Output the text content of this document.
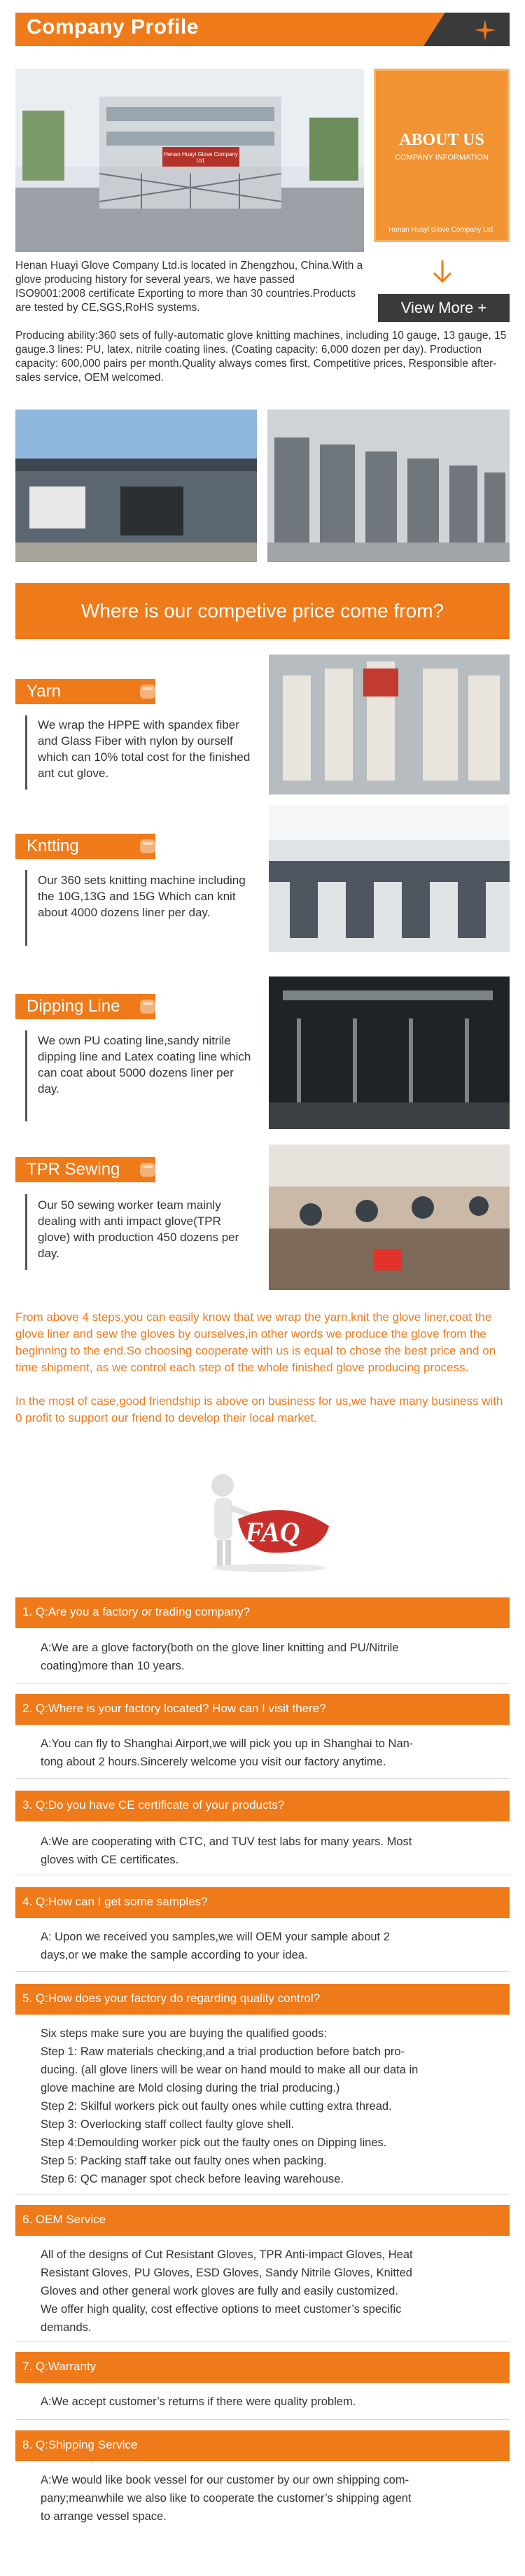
Company Profile
Henan Huayi Glove Company Ltd.
ABOUT US
COMPANY INFORMATION
Henan Huayi Glove Company Ltd.
View More +
Henan Huayi Glove Company Ltd.is located in Zhengzhou, China.With a glove producing history for several years, we have passed ISO9001:2008 certificate Exporting to more than 30 countries.Products are tested by CE,SGS,RoHS systems.
Producing ability:360 sets of fully-automatic glove knitting machines, including 10 gauge, 13 gauge, 15 gauge.3 lines: PU, latex, nitrile coating lines. (Coating capacity: 6,000 dozen per day). Production capacity: 600,000 pairs per month.Quality always comes first, Competitive prices, Responsible after-sales service, OEM welcomed.
Where is our competive price come from?
Yarn
We wrap the HPPE with spandex fiber and Glass Fiber with nylon by ourself which can 10% total cost for the finished ant cut glove.
Kntting
Our 360 sets knitting machine including the 10G,13G and 15G Which can knit about 4000 dozens liner per day.
Dipping Line
We own PU coating line,sandy nitrile dipping line and Latex coating line which can coat about 5000 dozens liner per day.
TPR Sewing
Our 50 sewing worker team mainly dealing with anti impact glove(TPR glove) with production 450 dozens per day.
From above 4 steps,you can easily know that we wrap the yarn,knit the glove liner,coat the glove liner and sew the gloves by ourselves,in other words we produce the glove from the beginning to the end.So choosing cooperate with us is equal to chose the best price and on time shipment, as we control each step of the whole finished glove producing process.
In the most of case,good friendship is above on business for us,we have many business with 0 profit to support our friend to develop their local market.
FAQ
1. Q:Are you a factory or trading company?
A:We are a glove factory(both on the glove liner knitting and PU/Nitrile
coating)more than 10 years.
2. Q:Where is your factory located? How can I visit there?
A:You can fly to Shanghai Airport,we will pick you up in Shanghai to Nan-
tong about 2 hours.Sincerely welcome you visit our factory anytime.
3. Q:Do you have CE certificate of your products?
A:We are cooperating with CTC, and TUV test labs for many years. Most
gloves with CE certificates.
4. Q:How can I get some samples?
A: Upon we received you samples,we will OEM your sample about 2
days,or we make the sample according to your idea.
5. Q:How does your factory do regarding quality control?
Six steps make sure you are buying the qualified goods:
Step 1: Raw materials checking,and a trial production before batch pro-
ducing. (all glove liners will be wear on hand mould to make all our data in
glove machine are Mold closing during the trial producing.)
Step 2: Skilful workers pick out faulty ones while cutting extra thread.
Step 3: Overlocking staff collect faulty glove shell.
Step 4:Demoulding worker pick out the faulty ones on Dipping lines.
Step 5: Packing staff take out faulty ones when packing.
Step 6: QC manager spot check before leaving warehouse.
6. OEM Service
All of the designs of Cut Resistant Gloves, TPR Anti-impact Gloves, Heat
Resistant Gloves, PU Gloves, ESD Gloves, Sandy Nitrile Gloves, Knitted
Gloves and other general work gloves are fully and easily customized.
We offer high quality, cost effective options to meet customer’s specific
demands.
7. Q:Warranty
A:We accept customer’s returns if there were quality problem.
8. Q:Shipping Service
A:We would like book vessel for our customer by our own shipping com-
pany;meanwhile we also like to cooperate the customer’s shipping agent
to arrange vessel space.
